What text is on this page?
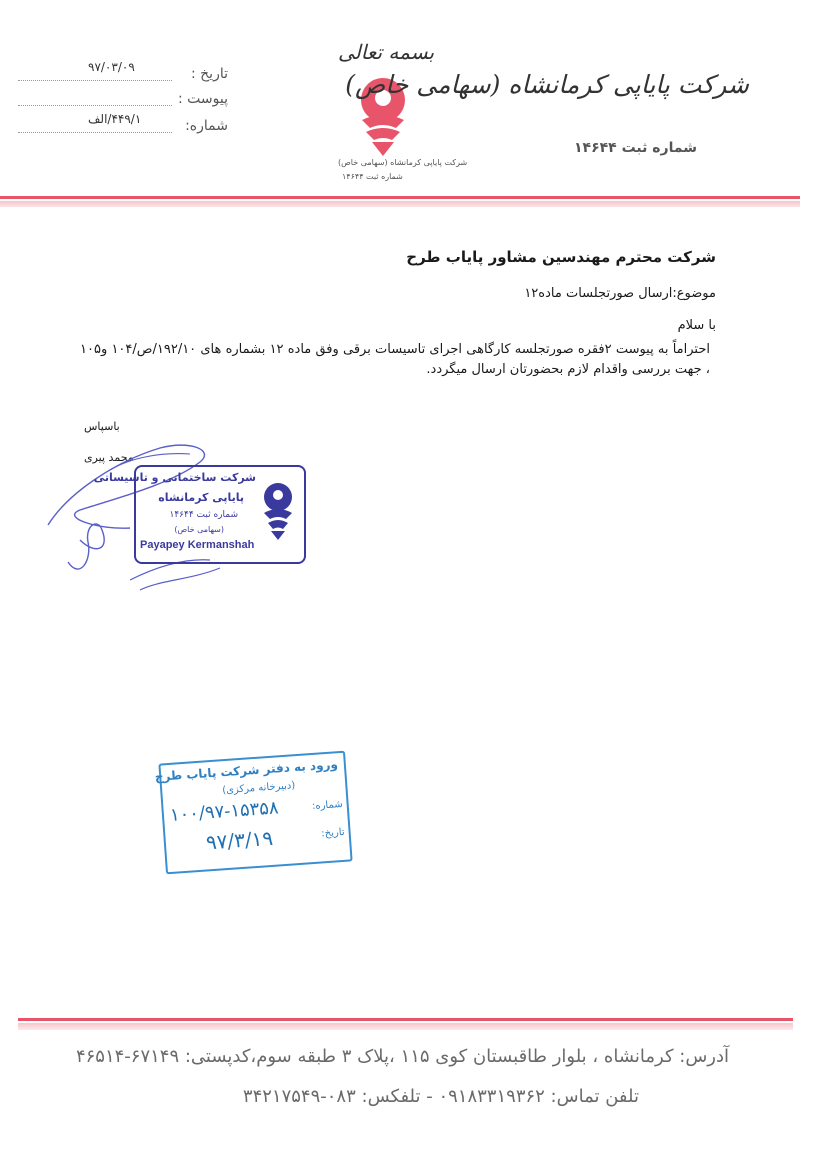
تاریخ :
۹۷/۰۳/۰۹
پیوست :
شماره:
۴۴۹/۱/الف
بسمه تعالی
شرکت پایاپی کرمانشاه (سهامی خاص)
شماره ثبت ۱۴۶۴۴
شرکت پایاپی کرمانشاه (سهامی خاص)
شماره ثبت ۱۴۶۴۴
شرکت محترم مهندسین مشاور پایاب طرح
موضوع:ارسال صورتجلسات ماده۱۲
با سلام
احتراماً به پیوست ۲فقره صورتجلسه کارگاهی اجرای تاسیسات برقی وفق ماده ۱۲ بشماره های ۱۹۲/۱۰/ص/۱۰۴ و۱۰۵ ، جهت بررسی واقدام لازم بحضورتان ارسال میگردد.
باسپاس
محمد پیری
شرکت ساختمانی و تاسیساتی
پایاپی کرمانشاه
شماره ثبت ۱۴۶۴۴
(سهامی خاص)
Payapey Kermanshah
ورود به دفتر شرکت پایاب طرح
(دبیرخانه مرکزی)
شماره:
۱۰۰/۹۷-۱۵۳۵۸
تاریخ:
۹۷/۳/۱۹
آدرس: کرمانشاه ، بلوار طاقبستان کوی ۱۱۵ ،پلاک ۳ طبقه سوم،کدپستی: ۶۷۱۴۹-۴۶۵۱۴
تلفن تماس: ۰۹۱۸۳۳۱۹۳۶۲ - تلفکس: ۰۸۳-۳۴۲۱۷۵۴۹
